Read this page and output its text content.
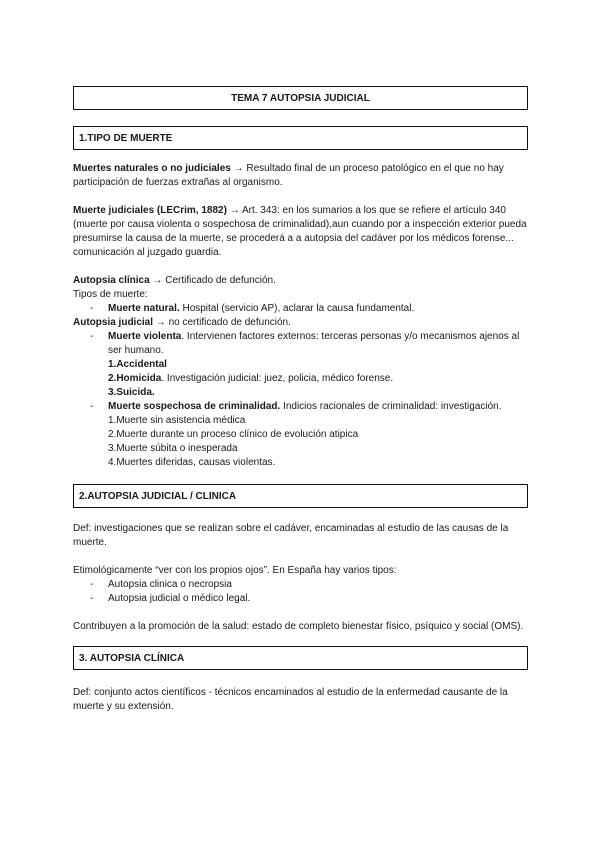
TEMA 7 AUTOPSIA JUDICIAL
1.TIPO DE MUERTE

Muertes naturales o no judiciales → Resultado final de un proceso patológico en el que no hay participación de fuerzas extrañas al organismo.

Muerte judiciales (LECrim, 1882) → Art. 343: en los sumarios a los que se refiere el artículo 340 (muerte por causa violenta o sospechosa de criminalidad),aun cuando por a inspección exterior pueda presumirse la causa de la muerte, se procederá a a autopsia del cadáver por los médicos forense... comunicación al juzgado guardia.

Autopsia clínica → Certificado de defunción.

Tipos de muerte:

- Muerte natural. Hospital (servicio AP), aclarar la causa fundamental.

Autopsia judicial → no certificado de defunción.

- Muerte violenta. Intervienen factores externos: terceras personas y/o mecanismos ajenos al ser humano.

1.Accidental

2.Homicida. Investigación judicial: juez, policia, médico forense.

3.Suicida.

- Muerte sospechosa de criminalidad. Indicios racionales de criminalidad: investigación.

1.Muerte sin asistencia médica

2.Muerte durante un proceso clínico de evolución atipica

3.Muerte súbita o inesperada

4.Muertes diferidas, causas violentas.

2.AUTOPSIA JUDICIAL / CLINICA

Def: investigaciones que se realizan sobre el cadáver, encaminadas al estudio de las causas de la muerte.

Etimológicamente “ver con los propios ojos”. En España hay varios tipos:

- Autopsia clinica o necropsia
- Autopsia judicial o médico legal.

Contribuyen a la promoción de la salud: estado de completo bienestar físico, psíquico y social (OMS).

3. AUTOPSIA CLÍNICA

Def: conjunto actos científicos - técnicos encaminados al estudio de la enfermedad causante de la muerte y su extensión.
